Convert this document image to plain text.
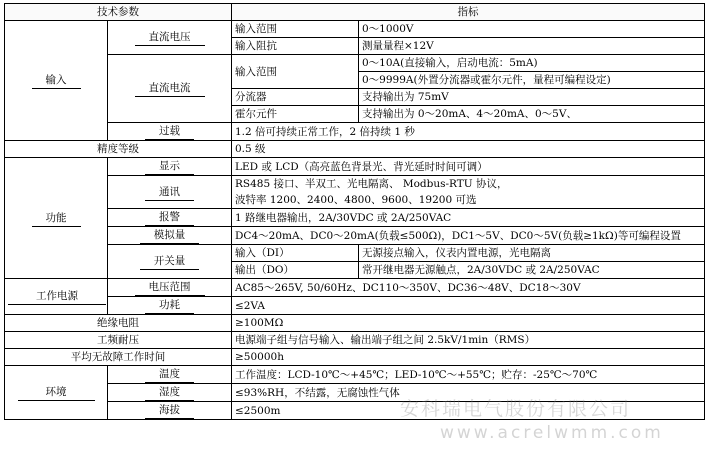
技术参数		指标	
输入	直流电压	输入范围	0～1000V
		输入阻抗	测量量程×12V
	直流电流	输入范围	0～10A(直接输入，启动电流：5mA)
			0～9999A(外置分流器或霍尔元件，量程可编程设定)
		分流器	支持输出为 75mV
		霍尔元件	支持输出为 0～20mA、4～20mA、0～5V、
	过载	1.2 倍可持续正常工作，2 倍持续 1 秒	
精度等级		0.5 级	
功能	显示	LED 或 LCD（高亮蓝色背景光、背光延时时间可调）	
	通讯	RS485 接口、半双工、光电隔离、 Modbus-RTU 协议，	
		波特率 1200、2400、4800、9600、19200 可选	
	报警	1 路继电器输出，2A/30VDC 或 2A/250VAC	
	模拟量	DC4～20mA、DC0～20mA(负载≤500Ω)，DC1～5V、DC0～5V(负载≥1kΩ)等可编程设置	
	开关量	输入（DI）	无源接点输入，仪表内置电源，光电隔离
		输出（DO）	常开继电器无源触点，2A/30VDC 或 2A/250VAC
工作电源	电压范围	AC85～265V, 50/60Hz、DC110～350V、DC36～48V、DC18～30V	
	功耗	≤2VA	
绝缘电阻		≥100MΩ	
工频耐压		电源端子组与信号输入、输出端子组之间 2.5kV/1min（RMS）	
平均无故障工作时间		≥50000h	
环境	温度	工作温度：LCD-10℃～+45℃；LED-10℃～+55℃；贮存：-25℃～70℃	
	湿度	≤93%RH，不结露，无腐蚀性气体	
	海拔	≤2500m		安科瑞电气股份有限公司
www.acrelwmm.com
